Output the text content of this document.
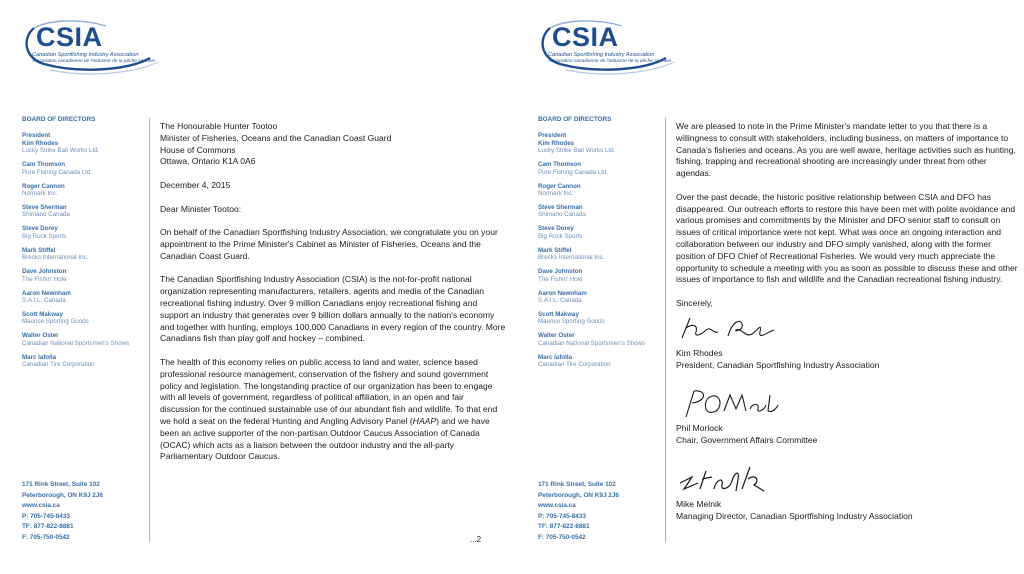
CSIA
Canadian Sportfishing Industry Association
Association canadienne de l'industrie de la pêche sportive
BOARD OF DIRECTORS
President
Kim Rhodes
Lucky Strike Bait Works Ltd.
Cam Thomson
Pure Fishing Canada Ltd.
Roger Cannon
Normark Inc.
Steve Sherman
Shimano Canada
Steve Dorey
Big Rock Sports
Mark Stiffel
Brecks International Inc.
Dave Johnston
The Fishin' Hole
Aaron Newnham
S.A.I.L. Canada
Scott Makway
Maurice Sporting Goods
Walter Oster
Canadian National Sportsmen's Shows
Marc Iafolla
Canadian Tire Corporation
171 Rink Street, Suite 102
Peterborough, ON K9J 2J6
www.csia.ca
P: 705-745-8433
TF: 877-822-8881
F: 705-750-0542

The Honourable Hunter Tootoo
Minister of Fisheries, Oceans and the Canadian Coast Guard
House of Commons
Ottawa, Ontario K1A 0A6

December 4, 2015

Dear Minister Tootoo:

On behalf of the Canadian Sportfishing Industry Association, we congratulate you on your appointment to the Prime Minister's Cabinet as Minister of Fisheries, Oceans and the Canadian Coast Guard.

The Canadian Sportfishing Industry Association (CSIA) is the not-for-profit national organization representing manufacturers, retailers, agents and media of the Canadian recreational fishing industry. Over 9 million Canadians enjoy recreational fishing and support an industry that generates over 9 billion dollars annually to the nation's economy and together with hunting, employs 100,000 Canadians in every region of the country. More Canadians fish than play golf and hockey – combined.

The health of this economy relies on public access to land and water, science based professional resource management, conservation of the fishery and sound government policy and legislation. The longstanding practice of our organization has been to engage with all levels of government, regardless of political affiliation, in an open and fair discussion for the continued sustainable use of our abundant fish and wildlife. To that end we hold a seat on the federal Hunting and Angling Advisory Panel (HAAP) and we have been an active supporter of the non-partisan Outdoor Caucus Association of Canada (OCAC) which acts as a liaison between the outdoor industry and the all-party Parliamentary Outdoor Caucus.

...2
CSIA
Canadian Sportfishing Industry Association
Association canadienne de l'industrie de la pêche sportive
BOARD OF DIRECTORS
President
Kim Rhodes
Lucky Strike Bait Works Ltd.
Cam Thomson
Pure Fishing Canada Ltd.
Roger Cannon
Normark Inc.
Steve Sherman
Shimano Canada
Steve Dorey
Big Rock Sports
Mark Stiffel
Brecks International Inc.
Dave Johnston
The Fishin' Hole
Aaron Newnham
S.A.I.L. Canada
Scott Makway
Maurice Sporting Goods
Walter Oster
Canadian National Sportsmen's Shows
Marc Iafolla
Canadian Tire Corporation
171 Rink Street, Suite 102
Peterborough, ON K9J 2J6
www.csia.ca
P: 705-745-8433
TF: 877-822-8881
F: 705-750-0542

We are pleased to note in the Prime Minister's mandate letter to you that there is a willingness to consult with stakeholders, including business, on matters of importance to Canada's fisheries and oceans. As you are well aware, heritage activities such as hunting, fishing, trapping and recreational shooting are increasingly under threat from other agendas.

Over the past decade, the historic positive relationship between CSIA and DFO has disappeared. Our outreach efforts to restore this have been met with polite avoidance and various promises and commitments by the Minister and DFO senior staff to consult on issues of critical importance were not kept. What was once an ongoing interaction and collaboration between our industry and DFO simply vanished, along with the former position of DFO Chief of Recreational Fisheries. We would very much appreciate the opportunity to schedule a meeting with you as soon as possible to discuss these and other issues of importance to fish and wildlife and the Canadian recreational fishing industry.

Sincerely,

Kim Rhodes
President, Canadian Sportfishing Industry Association
Phil Morlock
Chair, Government Affairs Committee
Mike Melnik
Managing Director, Canadian Sportfishing Industry Association
